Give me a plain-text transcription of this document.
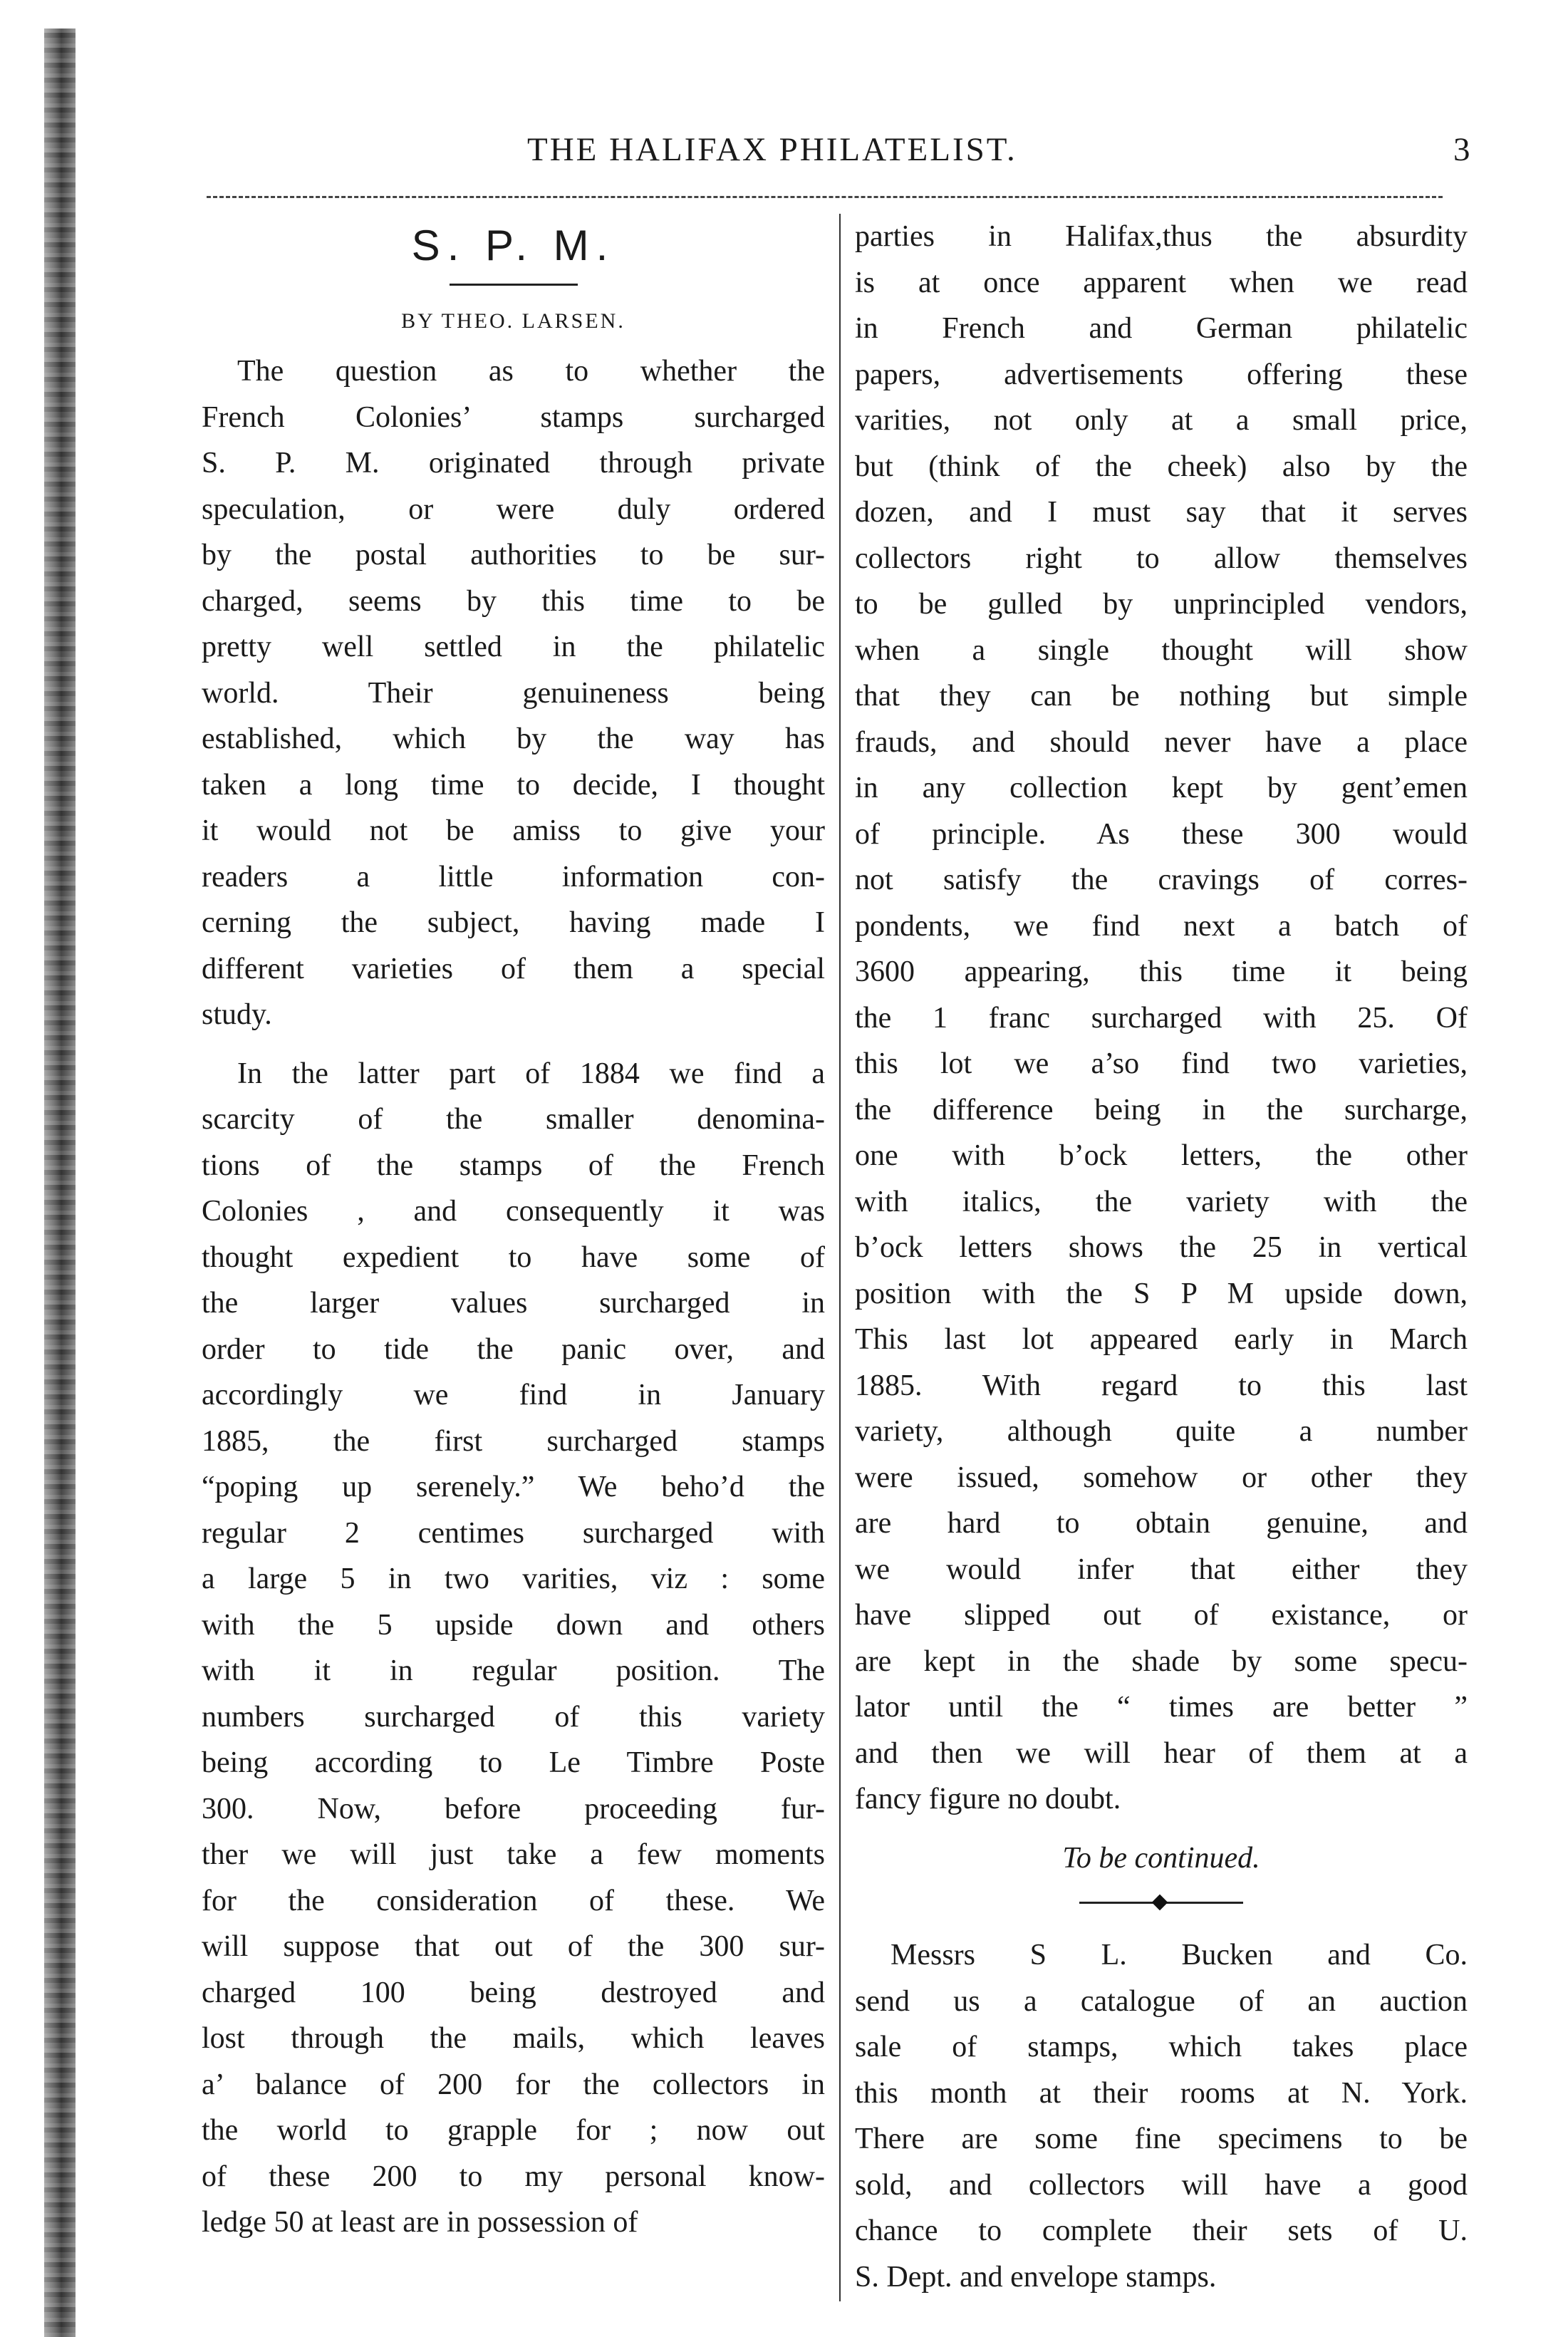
THE HALIFAX PHILATELIST.	3
S. P. M.
BY THEO. LARSEN.
The question as to whether the
French Colonies’ stamps surcharged
S. P. M. originated through private
speculation, or were duly ordered
by the postal authorities to be sur-
charged, seems by this time to be
pretty well settled in the philatelic
world. Their genuineness being
established, which by the way has
taken a long time to decide, I thought
it would not be amiss to give your
readers a little information con-
cerning the subject, having made I
different varieties of them a special
study.
In the latter part of 1884 we find a
scarcity of the smaller denomina-
tions of the stamps of the French
Colonies , and consequently it was
thought expedient to have some of
the larger values surcharged in
order to tide the panic over, and
accordingly we find in January
1885, the first surcharged stamps
“poping up serenely.” We beho’d the
regular 2 centimes surcharged with
a large 5 in two varities, viz : some
with the 5 upside down and others
with it in regular position. The
numbers surcharged of this variety
being according to Le Timbre Poste
300. Now, before proceeding fur-
ther we will just take a few moments
for the consideration of these. We
will suppose that out of the 300 sur-
charged 100 being destroyed and
lost through the mails, which leaves
a’ balance of 200 for the collectors in
the world to grapple for ; now out
of these 200 to my personal know-
ledge 50 at least are in possession of
parties in Halifax,thus the absurdity
is at once apparent when we read
in French and German philatelic
papers, advertisements offering these
varities, not only at a small price,
but (think of the cheek) also by the
dozen, and I must say that it serves
collectors right to allow themselves
to be gulled by unprincipled vendors,
when a single thought will show
that they can be nothing but simple
frauds, and should never have a place
in any collection kept by gent’emen
of principle. As these 300 would
not satisfy the cravings of corres-
pondents, we find next a batch of
3600 appearing, this time it being
the 1 franc surcharged with 25. Of
this lot we a’so find two varieties,
the difference being in the surcharge,
one with b’ock letters, the other
with italics, the variety with the
b’ock letters shows the 25 in vertical
position with the S P M upside down,
This last lot appeared early in March
1885. With regard to this last
variety, although quite a number
were issued, somehow or other they
are hard to obtain genuine, and
we would infer that either they
have slipped out of existance, or
are kept in the shade by some specu-
lator until the “ times are better ”
and then we will hear of them at a
fancy figure no doubt.
To be continued.
Messrs S L. Bucken and Co.
send us a catalogue of an auction
sale of stamps, which takes place
this month at their rooms at N. York.
There are some fine specimens to be
sold, and collectors will have a good
chance to complete their sets of U.
S. Dept. and envelope stamps.
